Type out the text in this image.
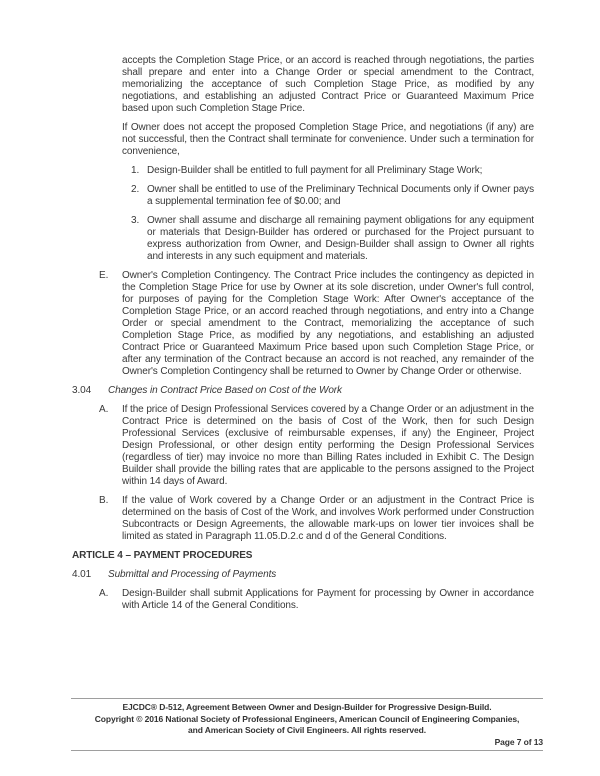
accepts the Completion Stage Price, or an accord is reached through negotiations, the parties shall prepare and enter into a Change Order or special amendment to the Contract, memorializing the acceptance of such Completion Stage Price, as modified by any negotiations, and establishing an adjusted Contract Price or Guaranteed Maximum Price based upon such Completion Stage Price.

If Owner does not accept the proposed Completion Stage Price, and negotiations (if any) are not successful, then the Contract shall terminate for convenience. Under such a termination for convenience,

1. Design-Builder shall be entitled to full payment for all Preliminary Stage Work;
2. Owner shall be entitled to use of the Preliminary Technical Documents only if Owner pays a supplemental termination fee of $0.00; and
3. Owner shall assume and discharge all remaining payment obligations for any equipment or materials that Design-Builder has ordered or purchased for the Project pursuant to express authorization from Owner, and Design-Builder shall assign to Owner all rights and interests in any such equipment and materials.
E. Owner's Completion Contingency. The Contract Price includes the contingency as depicted in the Completion Stage Price for use by Owner at its sole discretion, under Owner's full control, for purposes of paying for the Completion Stage Work: After Owner's acceptance of the Completion Stage Price, or an accord reached through negotiations, and entry into a Change Order or special amendment to the Contract, memorializing the acceptance of such Completion Stage Price, as modified by any negotiations, and establishing an adjusted Contract Price or Guaranteed Maximum Price based upon such Completion Stage Price, or after any termination of the Contract because an accord is not reached, any remainder of the Owner's Completion Contingency shall be returned to Owner by Change Order or otherwise.
3.04	Changes in Contract Price Based on Cost of the Work
A. If the price of Design Professional Services covered by a Change Order or an adjustment in the Contract Price is determined on the basis of Cost of the Work, then for such Design Professional Services (exclusive of reimbursable expenses, if any) the Engineer, Project Design Professional, or other design entity performing the Design Professional Services (regardless of tier) may invoice no more than Billing Rates included in Exhibit C. The Design Builder shall provide the billing rates that are applicable to the persons assigned to the Project within 14 days of Award.
B. If the value of Work covered by a Change Order or an adjustment in the Contract Price is determined on the basis of Cost of the Work, and involves Work performed under Construction Subcontracts or Design Agreements, the allowable mark-ups on lower tier invoices shall be limited as stated in Paragraph 11.05.D.2.c and d of the General Conditions.
ARTICLE 4 – PAYMENT PROCEDURES
4.01	Submittal and Processing of Payments
A. Design-Builder shall submit Applications for Payment for processing by Owner in accordance with Article 14 of the General Conditions.
EJCDC® D-512, Agreement Between Owner and Design-Builder for Progressive Design-Build.
Copyright © 2016 National Society of Professional Engineers, American Council of Engineering Companies,
and American Society of Civil Engineers. All rights reserved.
Page 7 of 13
